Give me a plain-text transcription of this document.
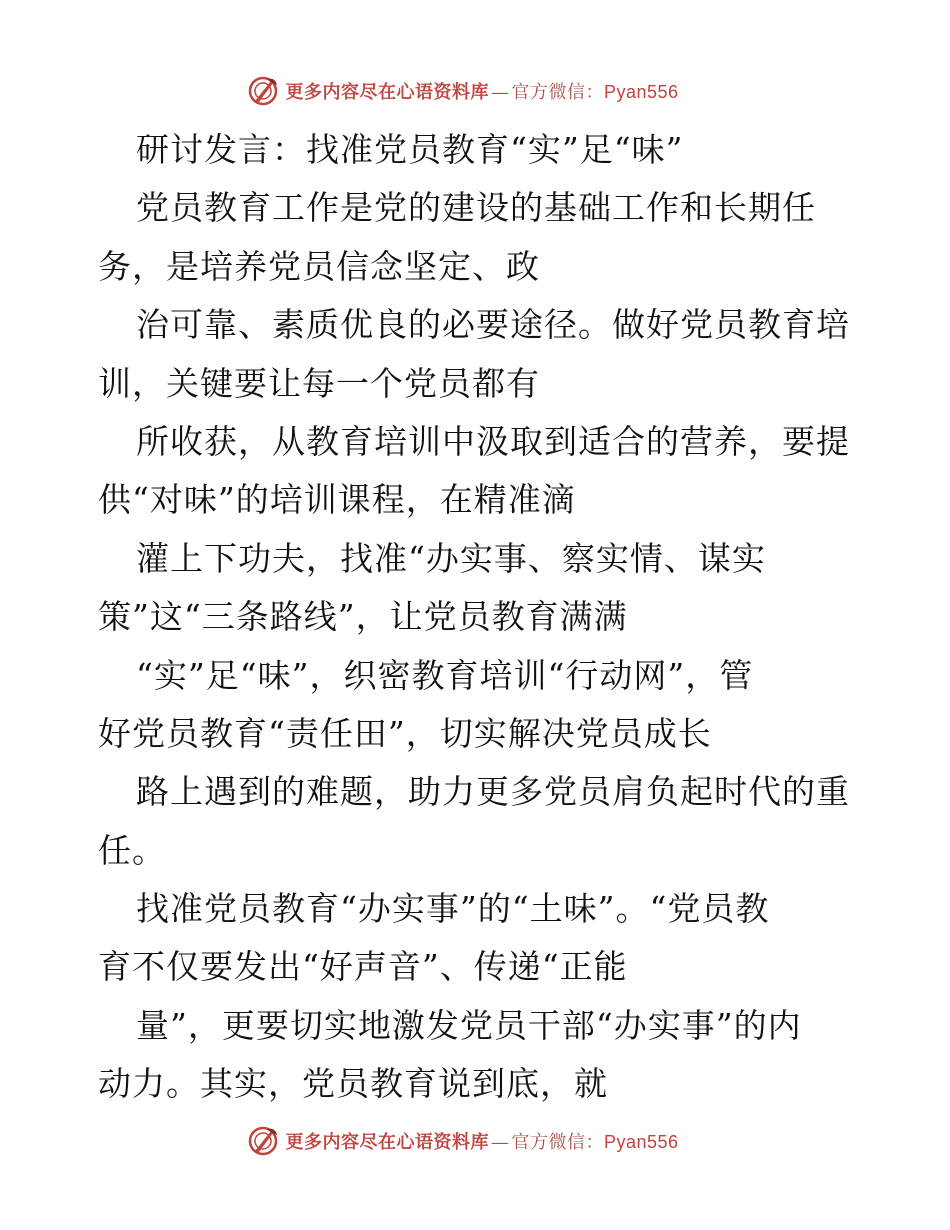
更多内容尽在心语资料库 — 官方微信：Pyan556
研讨发言：找准党员教育“实”足“味”
党员教育工作是党的建设的基础工作和长期任
务，是培养党员信念坚定、政
治可靠、素质优良的必要途径。做好党员教育培
训，关键要让每一个党员都有
所收获，从教育培训中汲取到适合的营养，要提
供“对味”的培训课程，在精准滴
灌上下功夫，找准“办实事、察实情、谋实
策”这“三条路线”，让党员教育满满
“实”足“味”，织密教育培训“行动网”，管
好党员教育“责任田”，切实解决党员成长
路上遇到的难题，助力更多党员肩负起时代的重
任。
找准党员教育“办实事”的“土味”。“党员教
育不仅要发出“好声音”、传递“正能
量”，更要切实地激发党员干部“办实事”的内
动力。其实，党员教育说到底，就
更多内容尽在心语资料库 — 官方微信：Pyan556
